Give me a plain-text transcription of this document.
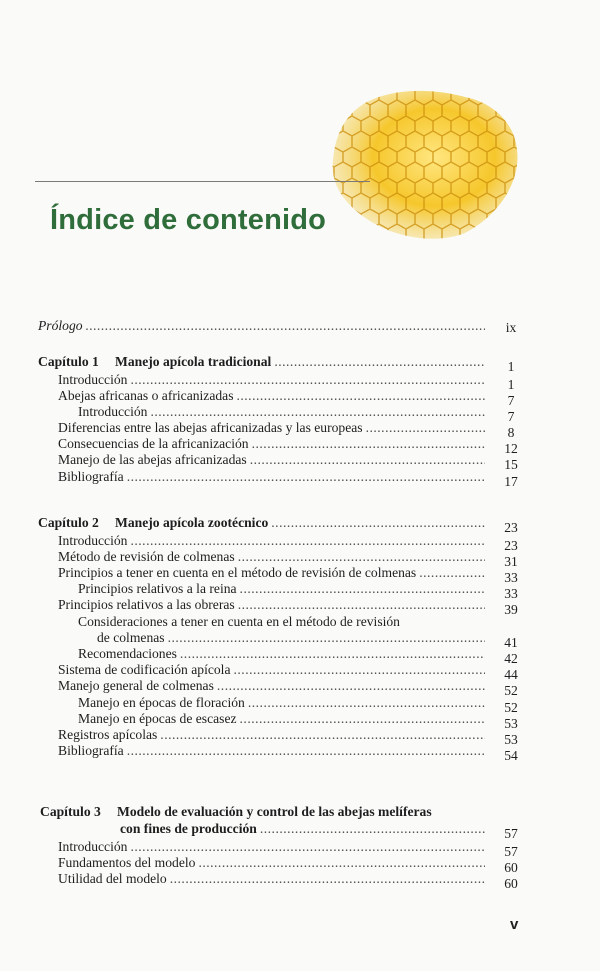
Índice de contenido
Prólogo .....	ix
Capítulo 1 Manejo apícola tradicional .....	1
Introducción .....	1
Abejas africanas o africanizadas .....	7
Introducción .....	7
Diferencias entre las abejas africanizadas y las europeas .....	8
Consecuencias de la africanización .....	12
Manejo de las abejas africanizadas .....	15
Bibliografía .....	17
Capítulo 2 Manejo apícola zootécnico .....	23
Introducción .....	23
Método de revisión de colmenas .....	31
Principios a tener en cuenta en el método de revisión de colmenas .....	33
Principios relativos a la reina .....	33
Principios relativos a las obreras .....	39
Consideraciones a tener en cuenta en el método de revisión
de colmenas .....	41
Recomendaciones .....	42
Sistema de codificación apícola .....	44
Manejo general de colmenas .....	52
Manejo en épocas de floración .....	52
Manejo en épocas de escasez .....	53
Registros apícolas .....	53
Bibliografía .....	54
Capítulo 3 Modelo de evaluación y control de las abejas melíferas
con fines de producción .....	57
Introducción .....	57
Fundamentos del modelo .....	60
Utilidad del modelo .....	60
v
